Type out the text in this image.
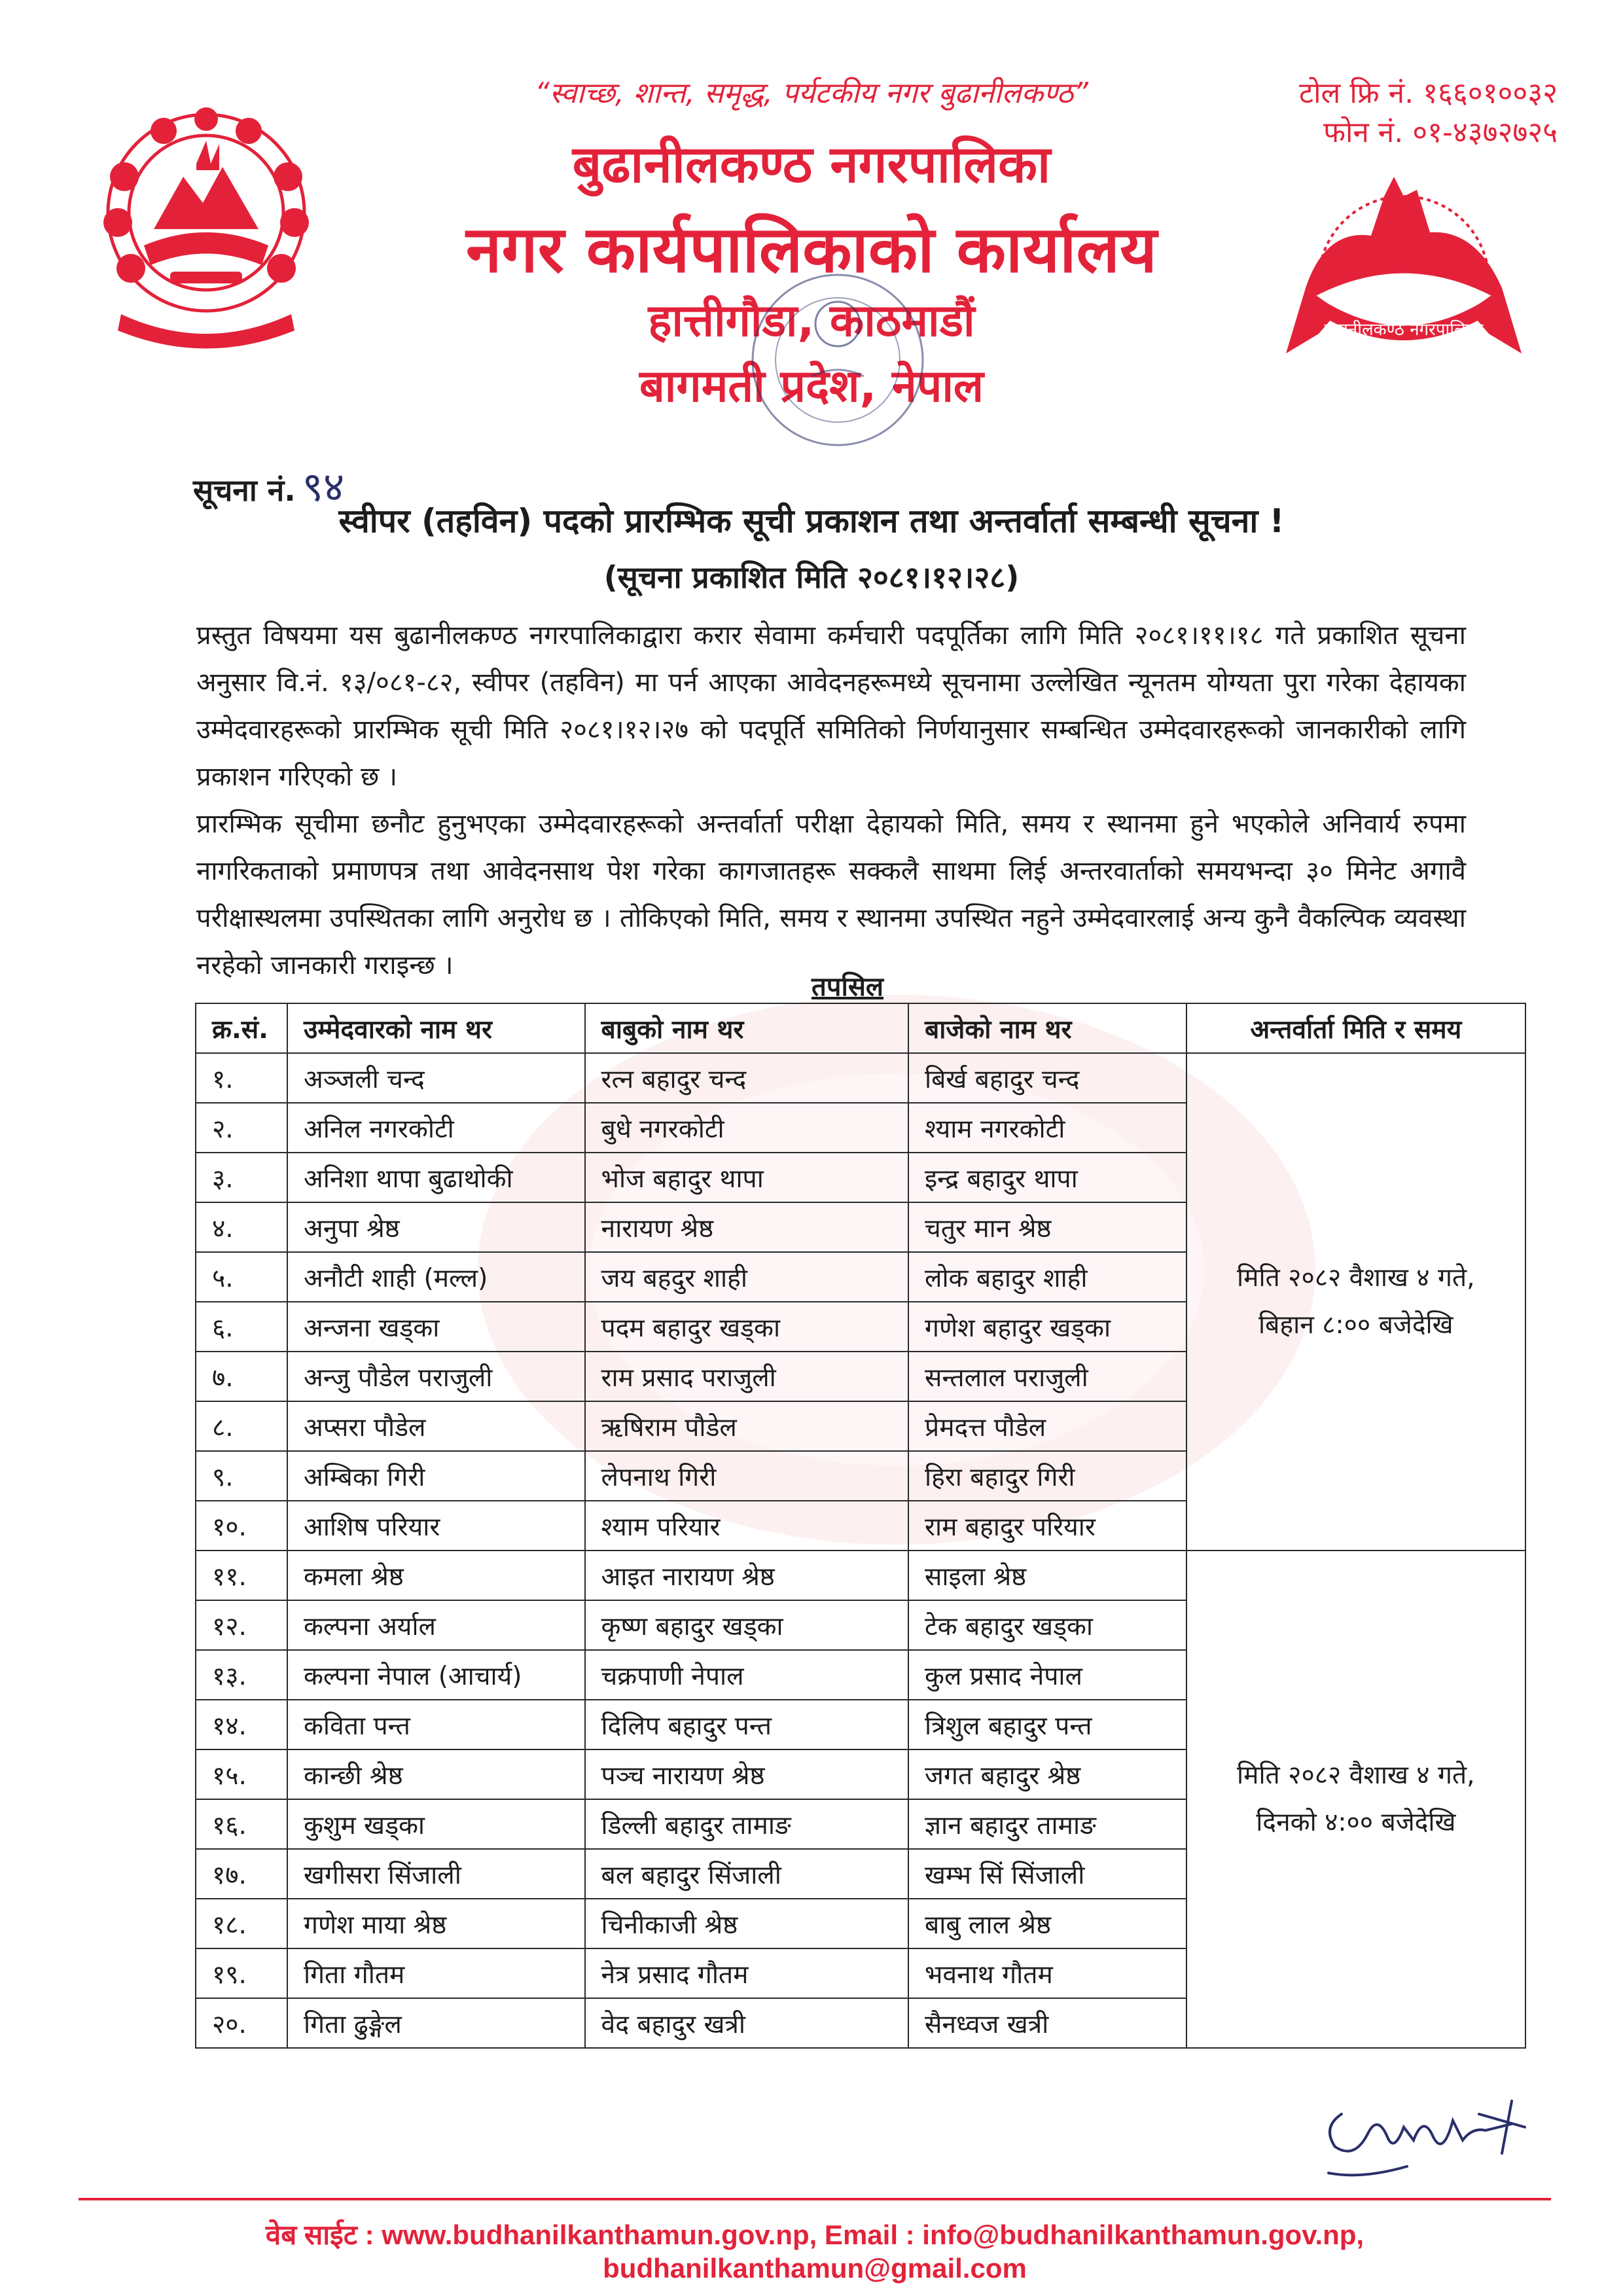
बुढानीलकण्ठ नगरपालिका
“स्वाच्छ, शान्त, समृद्ध, पर्यटकीय नगर बुढानीलकण्ठ”
बुढानीलकण्ठ नगरपालिका
नगर कार्यपालिकाको कार्यालय
हात्तीगौडा, काठमाडौं
बागमती प्रदेश, नेपाल
टोल फ्रि नं. १६६०१००३२
फोन नं. ०१-४३७२७२५
सूचना नं. ९४
स्वीपर (तहविन) पदको प्रारम्भिक सूची प्रकाशन तथा अन्तर्वार्ता सम्बन्धी सूचना !
(सूचना प्रकाशित मिति २०८१।१२।२८)

प्रस्तुत विषयमा यस बुढानीलकण्ठ नगरपालिकाद्वारा करार सेवामा कर्मचारी पदपूर्तिका लागि मिति २०८१।११।१८ गते प्रकाशित सूचना अनुसार वि.नं. १३/०८१-८२, स्वीपर (तहविन) मा पर्न आएका आवेदनहरूमध्ये सूचनामा उल्लेखित न्यूनतम योग्यता पुरा गरेका देहायका उम्मेदवारहरूको प्रारम्भिक सूची मिति २०८१।१२।२७ को पदपूर्ति समितिको निर्णयानुसार सम्बन्धित उम्मेदवारहरूको जानकारीको लागि प्रकाशन गरिएको छ ।

प्रारम्भिक सूचीमा छनौट हुनुभएका उम्मेदवारहरूको अन्तर्वार्ता परीक्षा देहायको मिति, समय र स्थानमा हुने भएकोले अनिवार्य रुपमा नागरिकताको प्रमाणपत्र तथा आवेदनसाथ पेश गरेका कागजातहरू सक्कलै साथमा लिई अन्तरवार्ताको समयभन्दा ३० मिनेट अगावै परीक्षास्थलमा उपस्थितका लागि अनुरोध छ । तोकिएको मिति, समय र स्थानमा उपस्थित नहुने उम्मेदवारलाई अन्य कुनै वैकल्पिक व्यवस्था नरहेको जानकारी गराइन्छ ।

तपसिल
क्र.सं.	उम्मेदवारको नाम थर	बाबुको नाम थर	बाजेको नाम थर	अन्तर्वार्ता मिति र समय
१.	अञ्जली चन्द	रत्न बहादुर चन्द	बिर्ख बहादुर चन्द	मिति २०८२ वैशाख ४ गते,
बिहान ८:०० बजेदेखि

२.	अनिल नगरकोटी	बुधे नगरकोटी	श्याम नगरकोटी	
३.	अनिशा थापा बुढाथोकी	भोज बहादुर थापा	इन्द्र बहादुर थापा	
४.	अनुपा श्रेष्ठ	नारायण श्रेष्ठ	चतुर मान श्रेष्ठ	
५.	अनौटी शाही (मल्ल)	जय बहदुर शाही	लोक बहादुर शाही	
६.	अन्जना खड्का	पदम बहादुर खड्का	गणेश बहादुर खड्का	
७.	अन्जु पौडेल पराजुली	राम प्रसाद पराजुली	सन्तलाल पराजुली	
८.	अप्सरा पौडेल	ऋषिराम पौडेल	प्रेमदत्त पौडेल	
९.	अम्बिका गिरी	लेपनाथ गिरी	हिरा बहादुर गिरी	
१०.	आशिष परियार	श्याम परियार	राम बहादुर परियार	
११.	कमला श्रेष्ठ	आइत नारायण श्रेष्ठ	साइला श्रेष्ठ	मिति २०८२ वैशाख ४ गते,
दिनको ४:०० बजेदेखि

१२.	कल्पना अर्याल	कृष्ण बहादुर खड्का	टेक बहादुर खड्का	
१३.	कल्पना नेपाल (आचार्य)	चक्रपाणी नेपाल	कुल प्रसाद नेपाल	
१४.	कविता पन्त	दिलिप बहादुर पन्त	त्रिशुल बहादुर पन्त	
१५.	कान्छी श्रेष्ठ	पञ्च नारायण श्रेष्ठ	जगत बहादुर श्रेष्ठ	
१६.	कुशुम खड्का	डिल्ली बहादुर तामाङ	ज्ञान बहादुर तामाङ	
१७.	खगीसरा सिंजाली	बल बहादुर सिंजाली	खम्भ सिं सिंजाली	
१८.	गणेश माया श्रेष्ठ	चिनीकाजी श्रेष्ठ	बाबु लाल श्रेष्ठ	
१९.	गिता गौतम	नेत्र प्रसाद गौतम	भवनाथ गौतम	
२०.	गिता ढुङ्गेल	वेद बहादुर खत्री	सैनध्वज खत्री	
वेब साईट : www.budhanilkanthamun.gov.np, Email : info@budhanilkanthamun.gov.np, budhanilkanthamun@gmail.com
